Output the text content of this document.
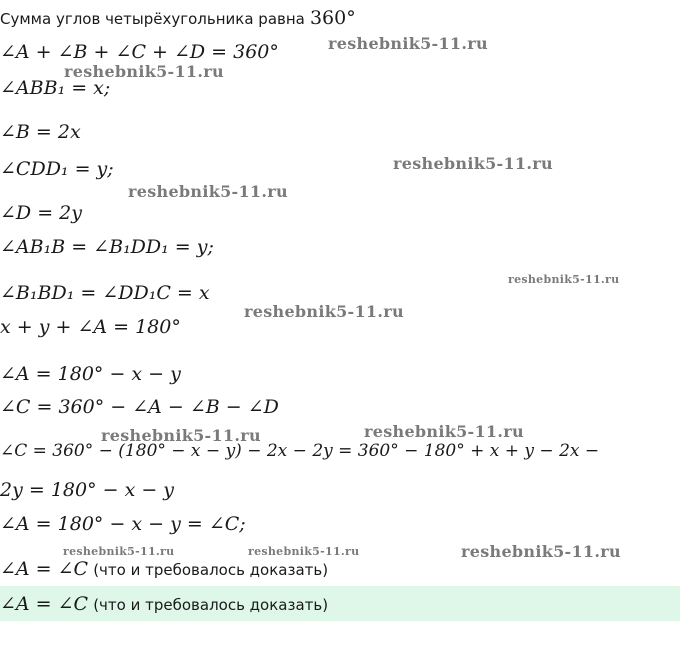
Сумма углов четырёхугольника равна 360°
∠A + ∠B + ∠C + ∠D = 360°
∠ABB₁ = x;
∠B = 2x
∠CDD₁ = y;
∠D = 2y
∠AB₁B = ∠B₁DD₁ = y;
∠B₁BD₁ = ∠DD₁C = x
x + y + ∠A = 180°
∠A = 180° − x − y
∠C = 360° − ∠A − ∠B − ∠D
∠C = 360° − (180° − x − y) − 2x − 2y = 360° − 180° + x + y − 2x −
2y = 180° − x − y
∠A = 180° − x − y = ∠C;
∠A = ∠C (что и требовалось доказать)
∠A = ∠C (что и требовалось доказать)
reshebnik5-11.ru
reshebnik5-11.ru
reshebnik5-11.ru
reshebnik5-11.ru
reshebnik5-11.ru
reshebnik5-11.ru
reshebnik5-11.ru
reshebnik5-11.ru
reshebnik5-11.ru	reshebnik5-11.ru	reshebnik5-11.ru
